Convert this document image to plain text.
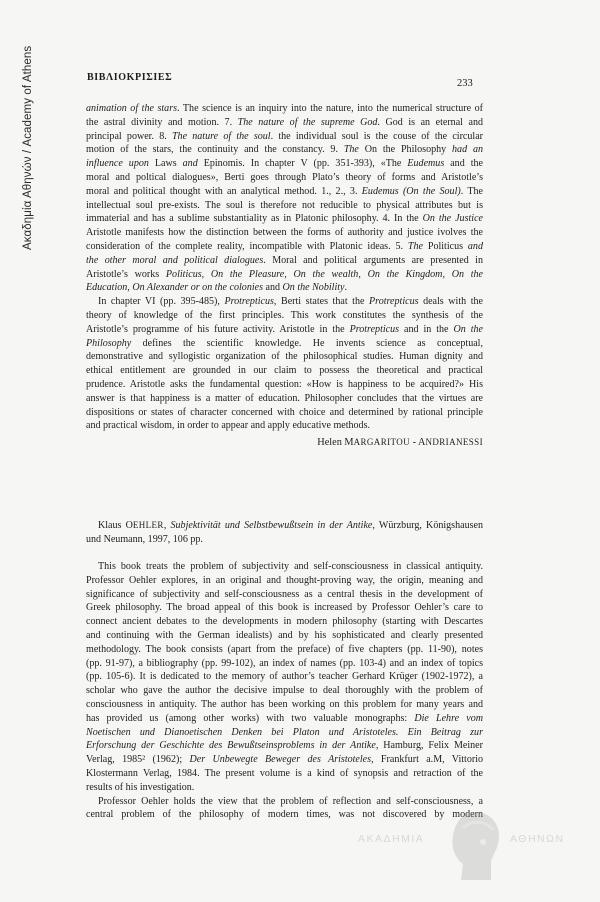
Ακαδημία Αθηνών / Academy of Athens	ΒΙΒΛΙΟΚΡΙΣΙΕΣ
233
animation of the stars. The science is an inquiry into the nature, into the numerical structure of
the astral divinity and motion. 7. The nature of the supreme God. God is an eternal and
principal power. 8. The nature of the soul. the individual soul is the couse of the circular
motion of the stars, the continuity and the constancy. 9. The On the Philosophy had an
influence upon Laws and Epinomis. In chapter V (pp. 351-393), «The Eudemus and the
moral and poltical dialogues», Berti goes through Plato’s theory of forms and Aristotle’s
moral and political thought with an analytical method. 1., 2., 3. Eudemus (On the Soul). The
intellectual soul pre-exists. The soul is therefore not reducible to physical attributes but is
immaterial and has a sublime substantiality as in Platonic philosophy. 4. In the On the Justice
Aristotle manifests how the distinction between the forms of authority and justice ivolves the
consideration of the complete reality, incompatible with Platonic ideas. 5. The Politicus and
the other moral and political dialogues. Moral and political arguments are presented in
Aristotle’s works Politicus, On the Pleasure, On the wealth, On the Kingdom, On the
Education, On Alexander or on the colonies and On the Nobility.
In chapter VI (pp. 395-485), Protrepticus, Berti states that the Protrepticus deals with the
theory of knowledge of the first principles. This work constitutes the synthesis of the
Aristotle’s programme of his future activity. Aristotle in the Protrepticus and in the On the
Philosophy defines the scientific knowledge. He invents science as conceptual,
demonstrative and syllogistic organization of the philosophical studies. Human dignity and
ethical entitlement are grounded in our claim to possess the theoretical and practical
prudence. Aristotle asks the fundamental question: «How is happiness to be acquired?» His
answer is that happiness is a matter of education. Philosopher concludes that the virtues are
dispositions or states of character concerned with choice and determined by rational principle
and practical wisdom, in order to appear and apply educative methods.
Helen MARGARITOU - ANDRIANESSI
Klaus OEHLER, Subjektivität und Selbstbewußtsein in der Antike, Würzburg, Königshausen
und Neumann, 1997, 106 pp.
This book treats the problem of subjectivity and self-consciousness in classical antiquity.
Professor Oehler explores, in an original and thought-proving way, the origin, meaning and
significance of subjectivity and self-consciousness as a central thesis in the development of
Greek philosophy. The broad appeal of this book is increased by Professor Oehler’s care to
connect ancient debates to the developments in modern philosophy (starting with Descartes
and continuing with the German idealists) and by his sophisticated and clearly presented
methodology. The book consists (apart from the preface) of five chapters (pp. 11-90), notes
(pp. 91-97), a bibliography (pp. 99-102), an index of names (pp. 103-4) and an index of topics
(pp. 105-6). It is dedicated to the memory of author’s teacher Gerhard Krüger (1902-1972), a
scholar who gave the author the decisive impulse to deal thoroughly with the problem of
consciousness in antiquity. The author has been working on this problem for many years and
has provided us (among other works) with two valuable monographs: Die Lehre vom
Noetischen und Dianoetischen Denken bei Platon und Aristoteles. Ein Beitrag zur
Erforschung der Geschichte des Bewußtseinsproblems in der Antike, Hamburg, Felix Meiner
Verlag, 1985² (1962); Der Unbewegte Beweger des Aristoteles, Frankfurt a.M, Vittorio
Klostermann Verlag, 1984. The present volume is a kind of synopsis and retraction of the
results of his investigation.
Professor Oehler holds the view that the problem of reflection and self-consciousness, a
central problem of the philosophy of modern times, was not discovered by modern
ΑΚΑΔΗΜΙΑ	ΑΘΗΝΩΝ
